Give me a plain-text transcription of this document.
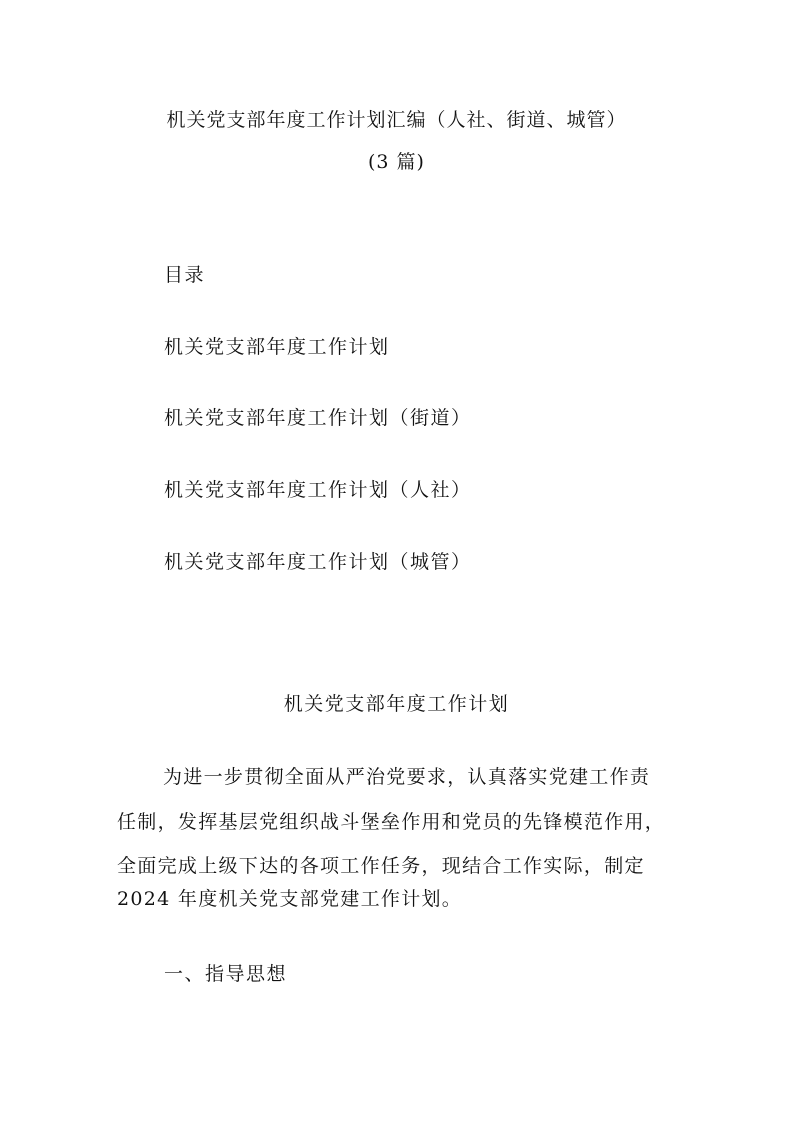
机关党支部年度工作计划汇编（人社、街道、城管）
(3 篇)
目录
机关党支部年度工作计划
机关党支部年度工作计划（街道）
机关党支部年度工作计划（人社）
机关党支部年度工作计划（城管）
机关党支部年度工作计划
为进一步贯彻全面从严治党要求，认真落实党建工作责
任制，发挥基层党组织战斗堡垒作用和党员的先锋模范作用，
全面完成上级下达的各项工作任务，现结合工作实际，制定
2024 年度机关党支部党建工作计划。
一、指导思想
